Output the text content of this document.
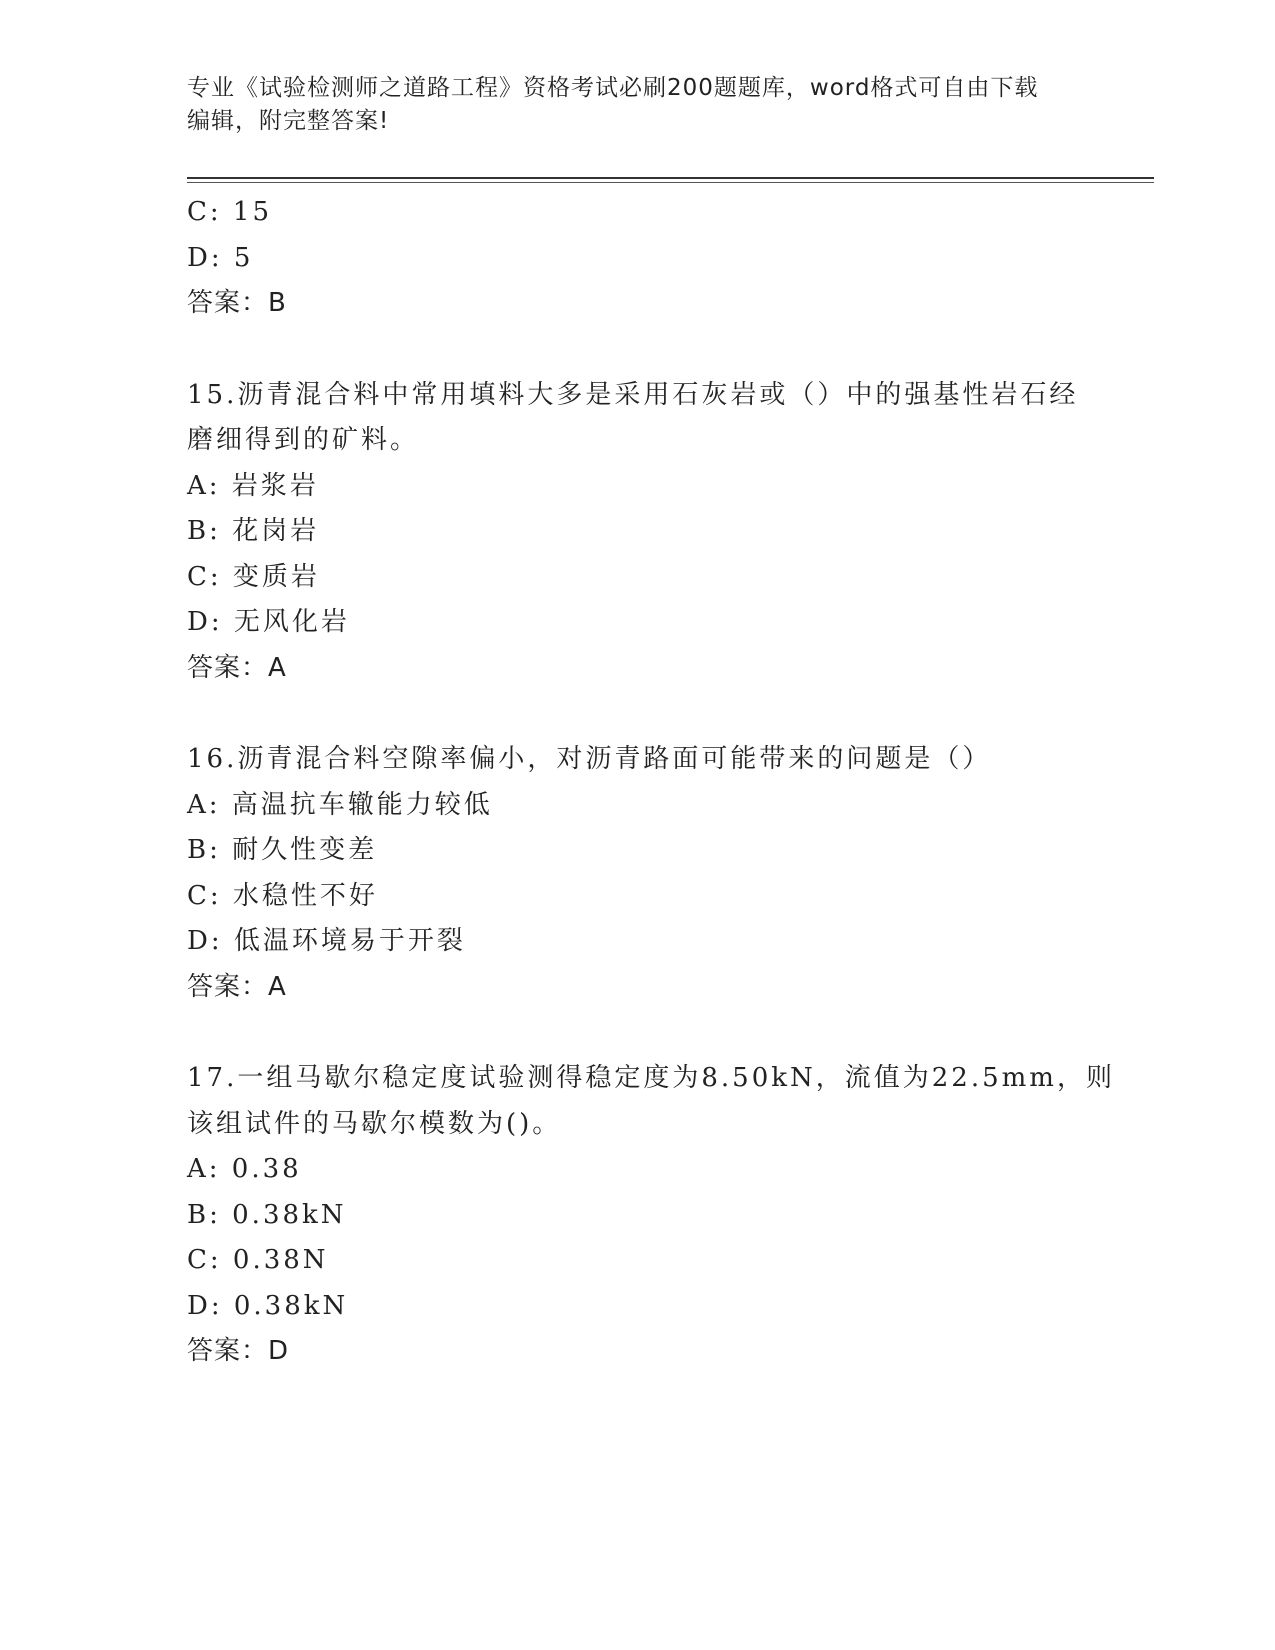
专业《试验检测师之道路工程》资格考试必刷200题题库，word格式可自由下载
编辑，附完整答案!
C: 15
D: 5
答案：B
15.沥青混合料中常用填料大多是采用石灰岩或（）中的强基性岩石经
磨细得到的矿料。
A: 岩浆岩
B: 花岗岩
C: 变质岩
D: 无风化岩
答案：A
16.沥青混合料空隙率偏小，对沥青路面可能带来的问题是（）
A: 高温抗车辙能力较低
B: 耐久性变差
C: 水稳性不好
D: 低温环境易于开裂
答案：A
17.一组马歇尔稳定度试验测得稳定度为8.50kN，流值为22.5mm，则
该组试件的马歇尔模数为()。
A: 0.38
B: 0.38kN
C: 0.38N
D: 0.38kN
答案：D
